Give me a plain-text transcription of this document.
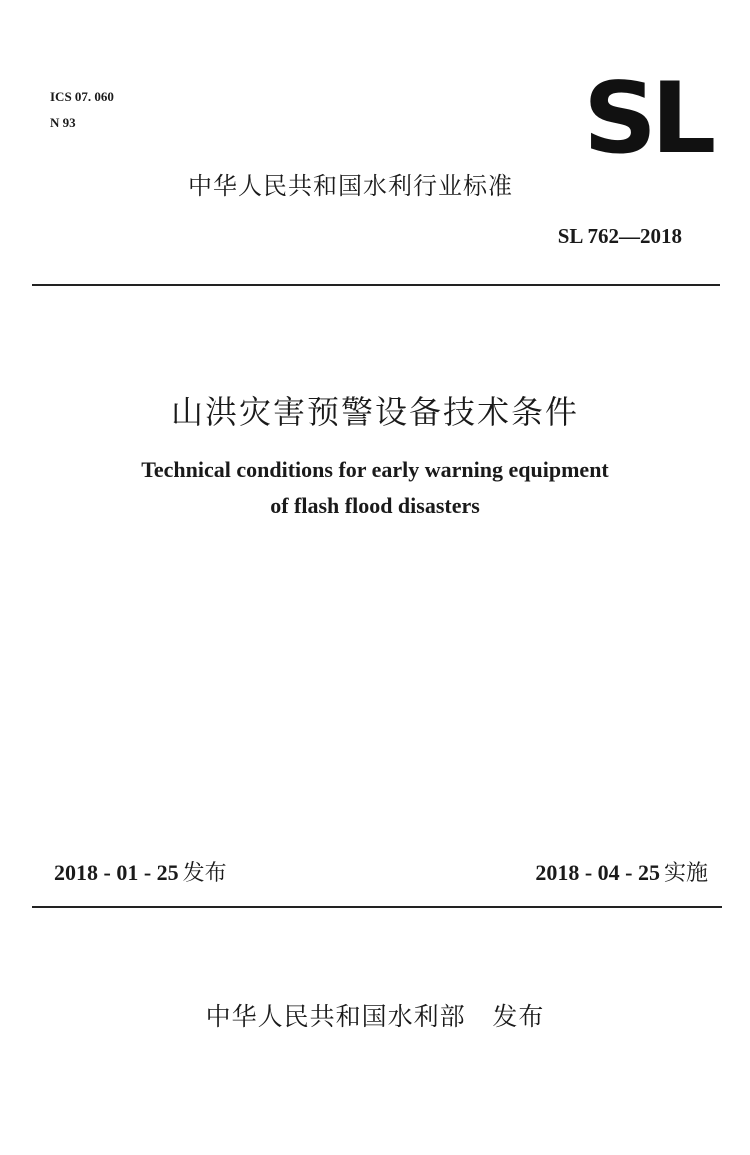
ICS 07. 060
N 93	SL
中华人民共和国水利行业标准
SL 762—2018
山洪灾害预警设备技术条件
Technical conditions for early warning equipment
of flash flood disasters
2018 - 01 - 25 发布	2018 - 04 - 25 实施
中华人民共和国水利部 发布
